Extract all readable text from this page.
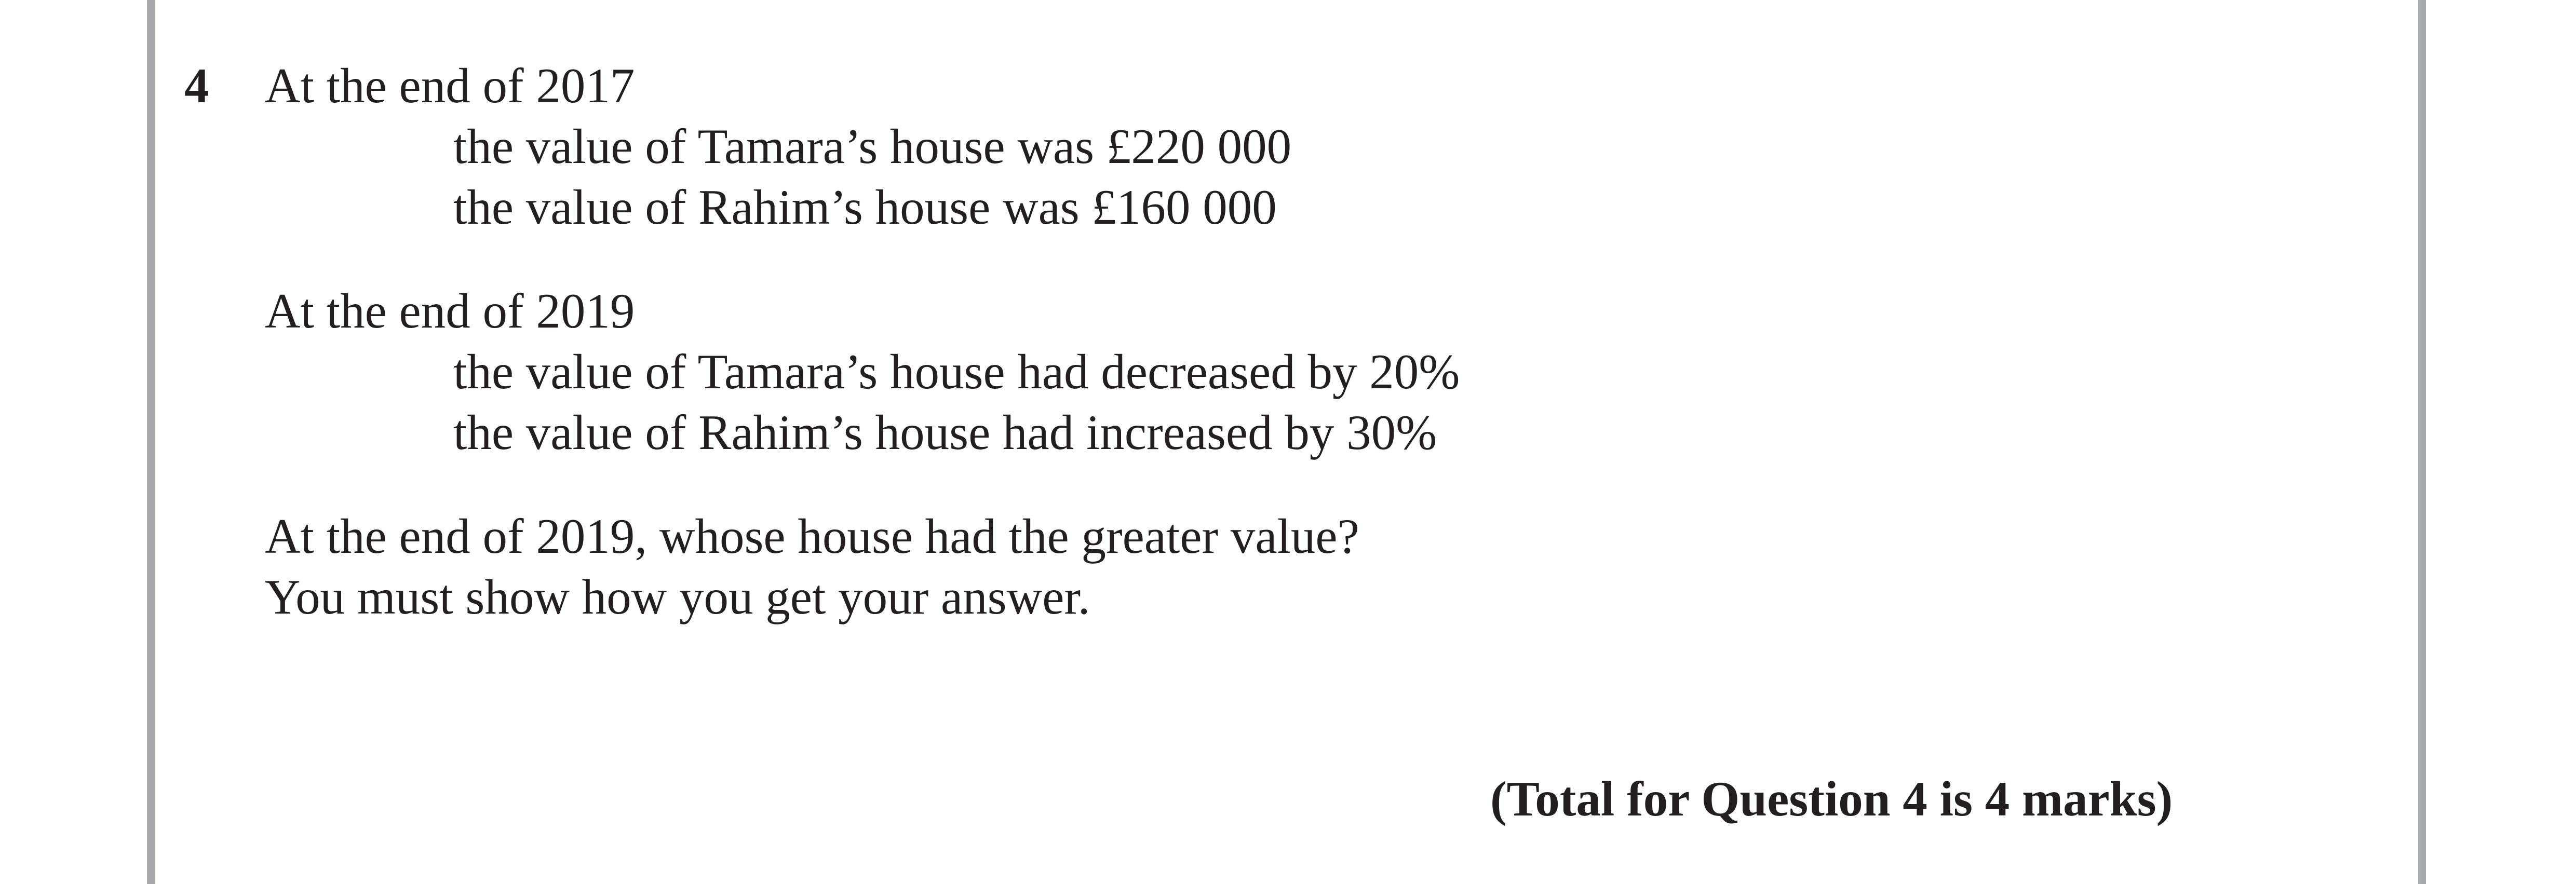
4 At the end of 2017
the value of Tamara’s house was £220 000
the value of Rahim’s house was £160 000
At the end of 2019
the value of Tamara’s house had decreased by 20%
the value of Rahim’s house had increased by 30%
At the end of 2019, whose house had the greater value?
You must show how you get your answer.
(Total for Question 4 is 4 marks)
